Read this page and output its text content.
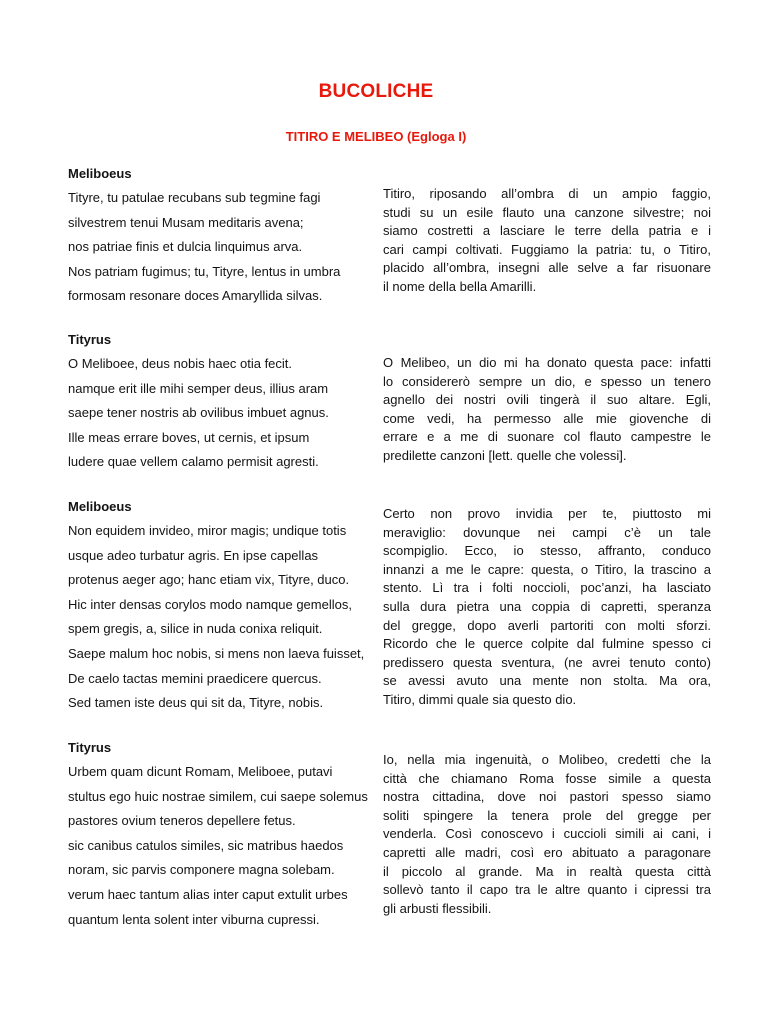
BUCOLICHE
TITIRO E MELIBEO (Egloga I)
Meliboeus
Tityre, tu patulae recubans sub tegmine fagi
silvestrem tenui Musam meditaris avena;
nos patriae finis et dulcia linquimus arva.
Nos patriam fugimus; tu, Tityre, lentus in umbra
formosam resonare doces Amaryllida silvas.
Titiro, riposando all’ombra di un ampio faggio,
studi su un esile flauto una canzone silvestre; noi
siamo costretti a lasciare le terre della patria e i
cari campi coltivati. Fuggiamo la patria: tu, o Titiro,
placido all’ombra, insegni alle selve a far risuonare
il nome della bella Amarilli.
Tityrus
O Meliboee, deus nobis haec otia fecit.
namque erit ille mihi semper deus, illius aram
saepe tener nostris ab ovilibus imbuet agnus.
Ille meas errare boves, ut cernis, et ipsum
ludere quae vellem calamo permisit agresti.
O Melibeo, un dio mi ha donato questa pace: infatti
lo considererò sempre un dio, e spesso un tenero
agnello dei nostri ovili tingerà il suo altare. Egli,
come vedi, ha permesso alle mie giovenche di
errare e a me di suonare col flauto campestre le
predilette canzoni [lett. quelle che volessi].
Meliboeus
Non equidem invideo, miror magis; undique totis
usque adeo turbatur agris. En ipse capellas
protenus aeger ago; hanc etiam vix, Tityre, duco.
Hic inter densas corylos modo namque gemellos,
spem gregis, a, silice in nuda conixa reliquit.
Saepe malum hoc nobis, si mens non laeva fuisset,
De caelo tactas memini praedicere quercus.
Sed tamen iste deus qui sit da, Tityre, nobis.
Certo non provo invidia per te, piuttosto mi
meraviglio: dovunque nei campi c’è un tale
scompiglio. Ecco, io stesso, affranto, conduco
innanzi a me le capre: questa, o Titiro, la trascino a
stento. Lì tra i folti noccioli, poc’anzi, ha lasciato
sulla dura pietra una coppia di capretti, speranza
del gregge, dopo averli partoriti con molti sforzi.
Ricordo che le querce colpite dal fulmine spesso ci
predissero questa sventura, (ne avrei tenuto conto)
se avessi avuto una mente non stolta. Ma ora,
Titiro, dimmi quale sia questo dio.
Tityrus
Urbem quam dicunt Romam, Meliboee, putavi
stultus ego huic nostrae similem, cui saepe solemus
pastores ovium teneros depellere fetus.
sic canibus catulos similes, sic matribus haedos
noram, sic parvis componere magna solebam.
verum haec tantum alias inter caput extulit urbes
quantum lenta solent inter viburna cupressi.
Io, nella mia ingenuità, o Molibeo, credetti che la
città che chiamano Roma fosse simile a questa
nostra cittadina, dove noi pastori spesso siamo
soliti spingere la tenera prole del gregge per
venderla. Così conoscevo i cuccioli simili ai cani, i
capretti alle madri, così ero abituato a paragonare
il piccolo al grande. Ma in realtà questa città
sollevò tanto il capo tra le altre quanto i cipressi tra
gli arbusti flessibili.
